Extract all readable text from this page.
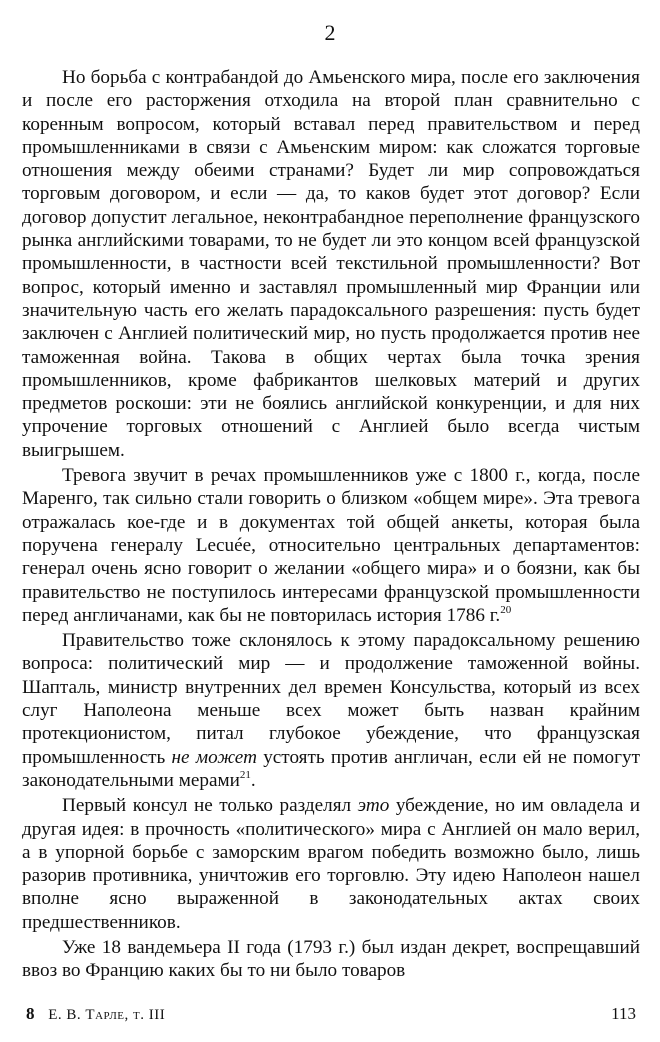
2

Но борьба с контрабандой до Амьенского мира, после его заключения и после его расторжения отходила на второй план сравнительно с коренным вопросом, который вставал перед правительством и перед промышленниками в связи с Амьенским миром: как сложатся торговые отношения между обеими странами? Будет ли мир сопровождаться торговым договором, и если — да, то каков будет этот договор? Если договор допустит легальное, неконтрабандное переполнение французского рынка английскими товарами, то не будет ли это концом всей французской промышленности, в частности всей текстильной промышленности? Вот вопрос, который именно и заставлял промышленный мир Франции или значительную часть его желать парадоксального разрешения: пусть будет заключен с Англией политический мир, но пусть продолжается против нее таможенная война. Такова в общих чертах была точка зрения промышленников, кроме фабрикантов шелковых материй и других предметов роскоши: эти не боялись английской конкуренции, и для них упрочение торговых отношений с Англией было всегда чистым выигрышем.

Тревога звучит в речах промышленников уже с 1800 г., когда, после Маренго, так сильно стали говорить о близком «общем мире». Эта тревога отражалась кое-где и в документах той общей анкеты, которая была поручена генералу Lecuée, относительно центральных департаментов: генерал очень ясно говорит о желании «общего мира» и о боязни, как бы правительство не поступилось интересами французской промышленности перед англичанами, как бы не повторилась история 1786 г.$^{20}$

Правительство тоже склонялось к этому парадоксальному решению вопроса: политический мир — и продолжение таможенной войны. Шапталь, министр внутренних дел времен Консульства, который из всех слуг Наполеона меньше всех может быть назван крайним протекционистом, питал глубокое убеждение, что французская промышленность не может устоять против англичан, если ей не помогут законодательными мерами$^{21}$.

Первый консул не только разделял это убеждение, но им овладела и другая идея: в прочность «политического» мира с Англией он мало верил, а в упорной борьбе с заморским врагом победить возможно было, лишь разорив противника, уничтожив его торговлю. Эту идею Наполеон нашел вполне ясно выраженной в законодательных актах своих предшественников.

Уже 18 вандемьера II года (1793 г.) был издан декрет, воспрещавший ввоз во Францию каких бы то ни было товаров

8 Е. В. Тарле, т. III	113
